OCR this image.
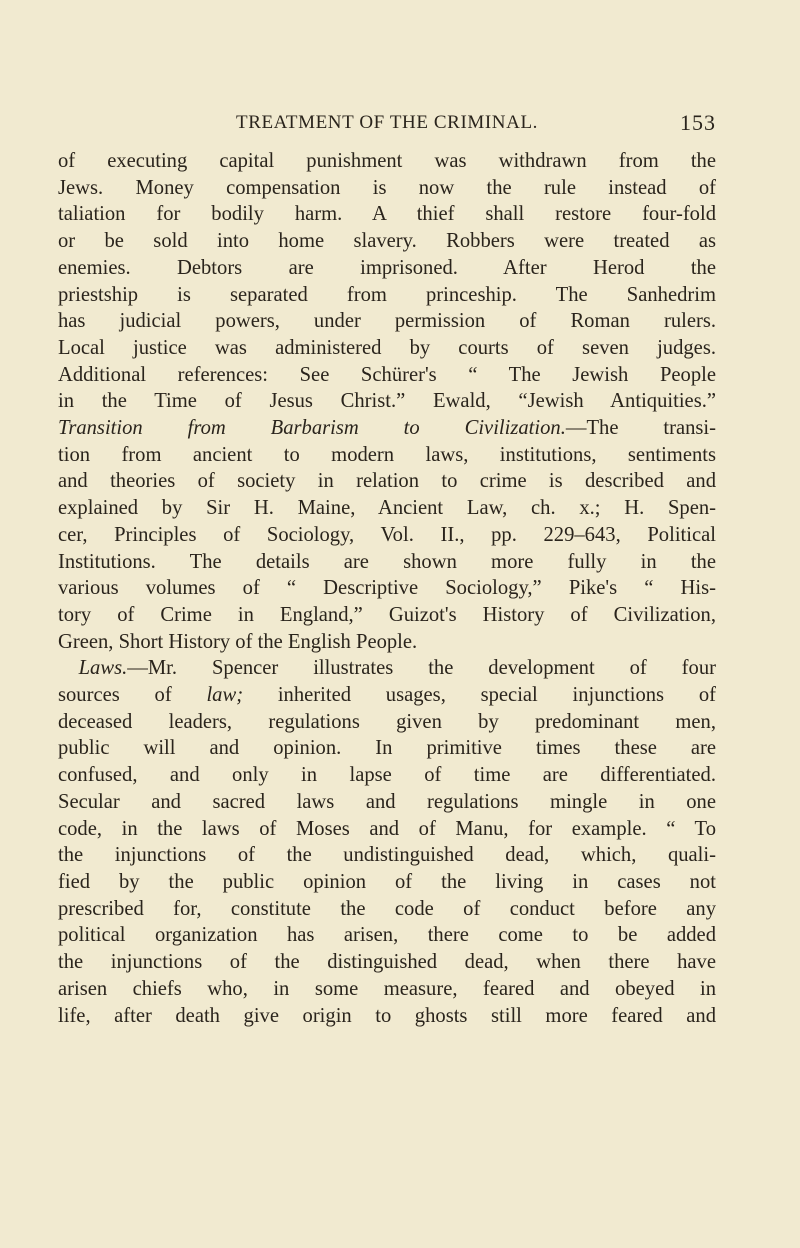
TREATMENT OF THE CRIMINAL.	153
of executing capital punishment was withdrawn from the
Jews. Money compensation is now the rule instead of
taliation for bodily harm. A thief shall restore four-fold
or be sold into home slavery. Robbers were treated as
enemies. Debtors are imprisoned. After Herod the
priestship is separated from princeship. The Sanhedrim
has judicial powers, under permission of Roman rulers.
Local justice was administered by courts of seven judges.
Additional references: See Schürer's “ The Jewish People
in the Time of Jesus Christ.” Ewald, “Jewish Antiquities.”
Transition from Barbarism to Civilization.—The transi-
tion from ancient to modern laws, institutions, sentiments
and theories of society in relation to crime is described and
explained by Sir H. Maine, Ancient Law, ch. x.; H. Spen-
cer, Principles of Sociology, Vol. II., pp. 229–643, Political
Institutions. The details are shown more fully in the
various volumes of “ Descriptive Sociology,” Pike's “ His-
tory of Crime in England,” Guizot's History of Civilization,
Green, Short History of the English People.
 Laws.—Mr. Spencer illustrates the development of four
sources of law; inherited usages, special injunctions of
deceased leaders, regulations given by predominant men,
public will and opinion. In primitive times these are
confused, and only in lapse of time are differentiated.
Secular and sacred laws and regulations mingle in one
code, in the laws of Moses and of Manu, for example. “ To
the injunctions of the undistinguished dead, which, quali-
fied by the public opinion of the living in cases not
prescribed for, constitute the code of conduct before any
political organization has arisen, there come to be added
the injunctions of the distinguished dead, when there have
arisen chiefs who, in some measure, feared and obeyed in
life, after death give origin to ghosts still more feared and
